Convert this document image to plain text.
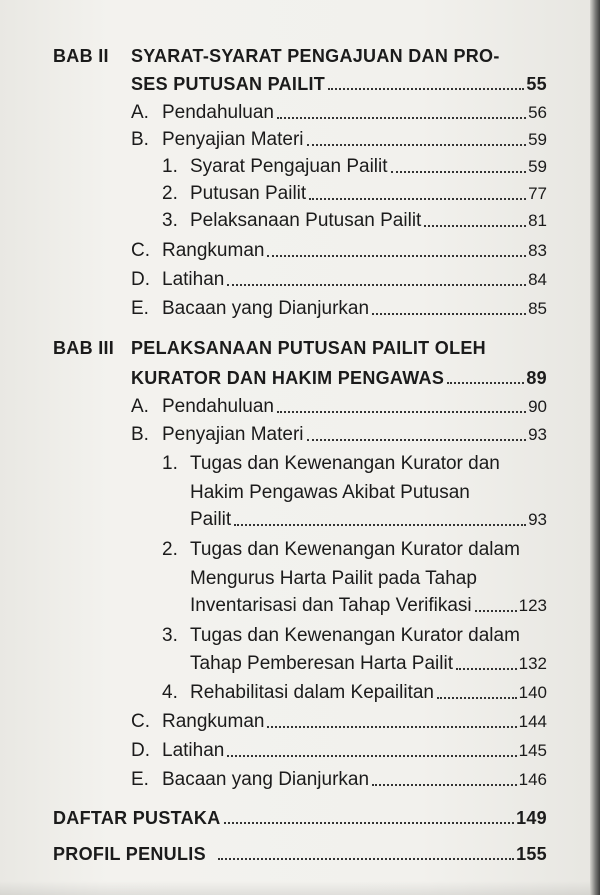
BAB II	SYARAT-SYARAT PENGAJUAN DAN PRO-
SES PUTUSAN PAILIT	55
A. Pendahuluan	56
B. Penyajian Materi	59
1. Syarat Pengajuan Pailit	59
2. Putusan Pailit	77
3. Pelaksanaan Putusan Pailit	81
C. Rangkuman	83
D. Latihan	84
E. Bacaan yang Dianjurkan	85
BAB III PELAKSANAAN PUTUSAN PAILIT OLEH
KURATOR DAN HAKIM PENGAWAS	89
A. Pendahuluan	90
B. Penyajian Materi	93
1. Tugas dan Kewenangan Kurator dan
Hakim Pengawas Akibat Putusan
Pailit	93
2. Tugas dan Kewenangan Kurator dalam
Mengurus Harta Pailit pada Tahap
Inventarisasi dan Tahap Verifikasi	123
3. Tugas dan Kewenangan Kurator dalam
Tahap Pemberesan Harta Pailit	132
4. Rehabilitasi dalam Kepailitan	140
C. Rangkuman	144
D. Latihan	145
E. Bacaan yang Dianjurkan	146
DAFTAR PUSTAKA	149
PROFIL PENULIS	155
